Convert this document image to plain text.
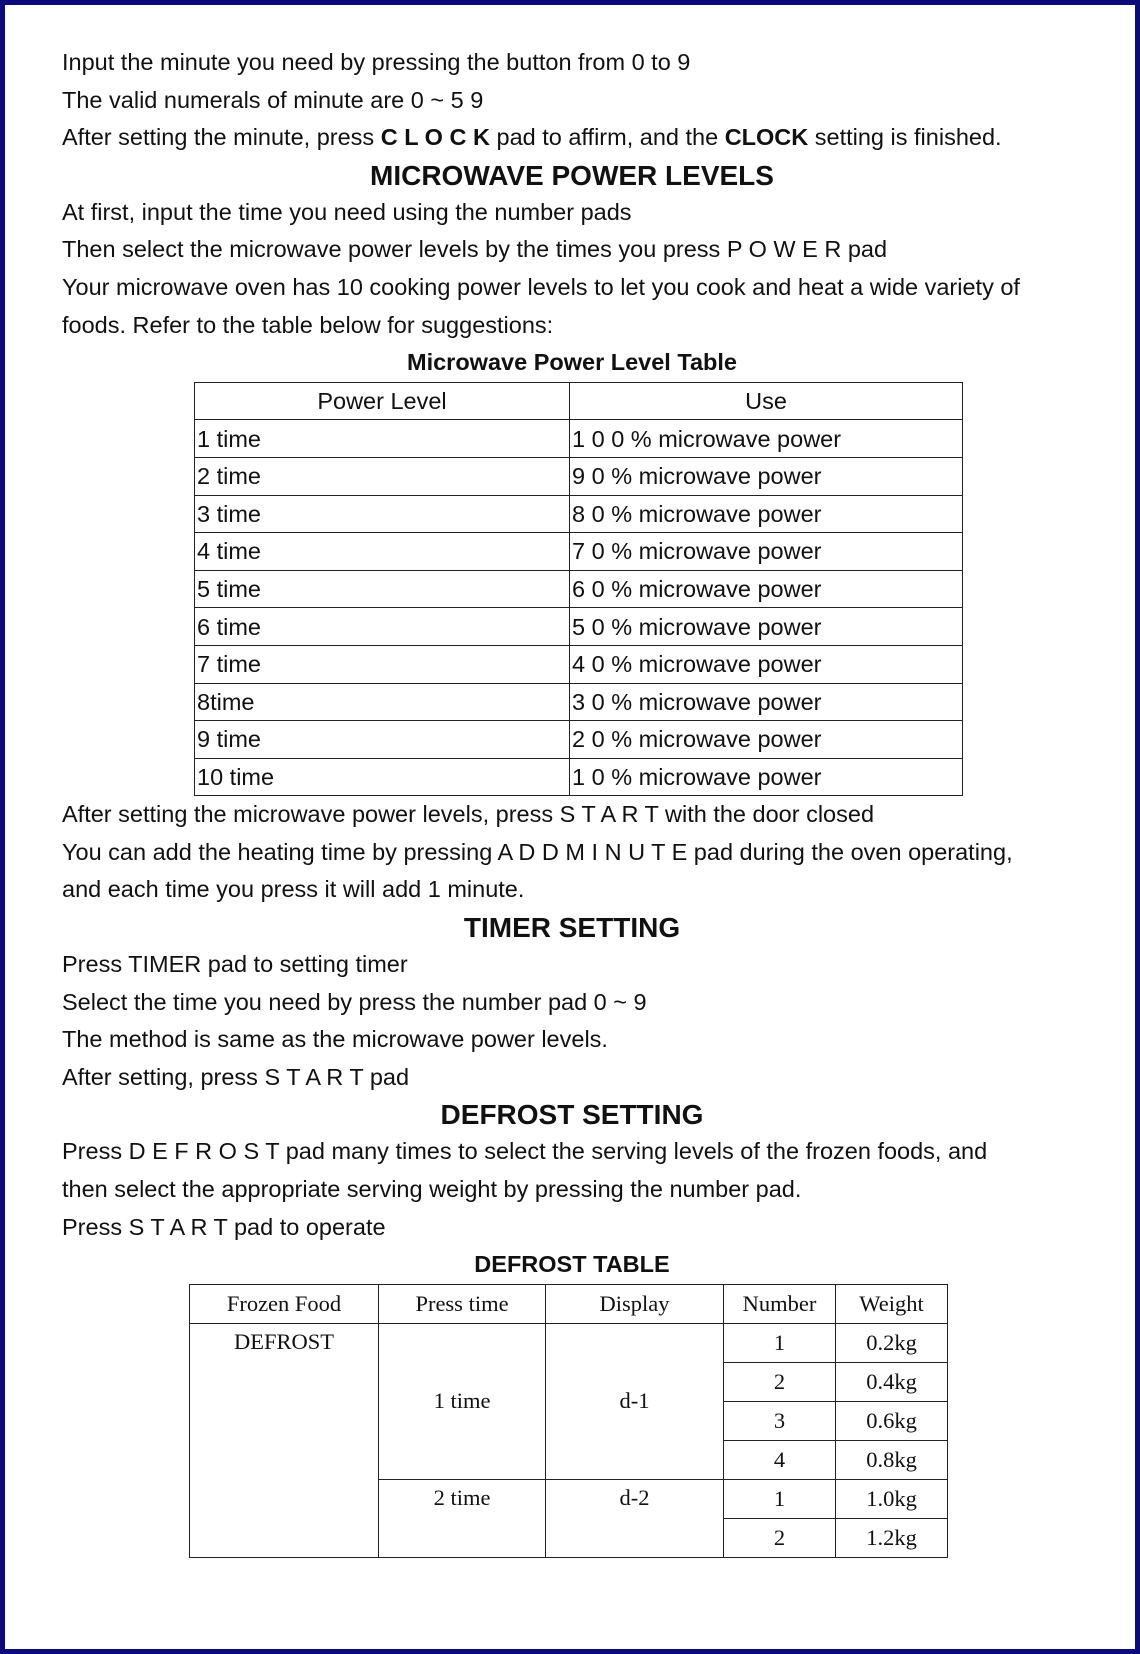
Input the minute you need by pressing the button from 0 to 9
The valid numerals of minute are 0 ~ 5 9
After setting the minute, press C L O C K pad to affirm, and the CLOCK setting is finished.
MICROWAVE POWER LEVELS
At first, input the time you need using the number pads
Then select the microwave power levels by the times you press P O W E R pad
Your microwave oven has 10 cooking power levels to let you cook and heat a wide variety of
foods. Refer to the table below for suggestions:
Microwave Power Level Table
Power Level	Use
1 time	1 0 0 % microwave power
2 time	9 0 % microwave power
3 time	8 0 % microwave power
4 time	7 0 % microwave power
5 time	6 0 % microwave power
6 time	5 0 % microwave power
7 time	4 0 % microwave power
8time	3 0 % microwave power
9 time	2 0 % microwave power
10 time	1 0 % microwave power
After setting the microwave power levels, press S T A R T with the door closed
You can add the heating time by pressing A D D M I N U T E pad during the oven operating,
and each time you press it will add 1 minute.
TIMER SETTING
Press TIMER pad to setting timer
Select the time you need by press the number pad 0 ~ 9
The method is same as the microwave power levels.
After setting, press S T A R T pad
DEFROST SETTING
Press D E F R O S T pad many times to select the serving levels of the frozen foods, and
then select the appropriate serving weight by pressing the number pad.
Press S T A R T pad to operate
DEFROST TABLE
Frozen Food	Press time	Display	Number	Weight
DEFROST	1 time	d-1	1	0.2kg
			2	0.4kg
			3	0.6kg
			4	0.8kg
	2 time	d-2	1	1.0kg
			2	1.2kg
